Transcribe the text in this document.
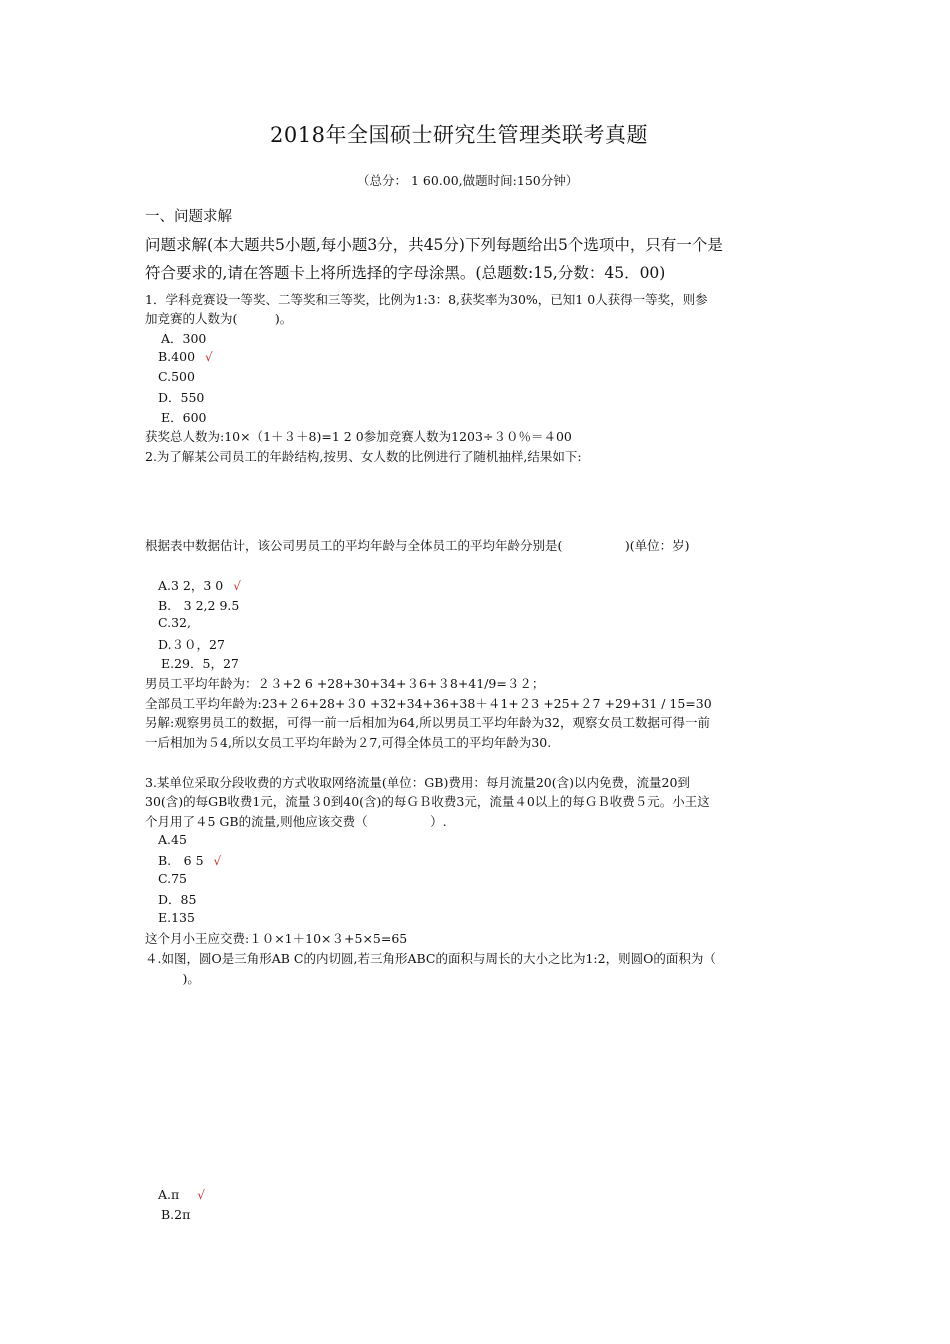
2018年全国硕士研究生管理类联考真题
（总分： 1 60.00,做题时间:150分钟）
一、问题求解
问题求解(本大题共5小题,每小题3分，共45分)下列每题给出5个选项中，只有一个是
符合要求的,请在答题卡上将所选择的字母涂黑。(总题数:15,分数：45．00)
1．学科竞赛设一等奖、二等奖和三等奖，比例为1:3：8,获奖率为30%，已知1 0人获得一等奖，则参
加竞赛的人数为(　　　)。
A．300
B.400 √
C.500
D．550
E．600
获奖总人数为:10×（1＋３＋8)=1 2 0参加竞赛人数为1203÷３０％＝４00
2.为了解某公司员工的年龄结构,按男、女人数的比例进行了随机抽样,结果如下:
根据表中数据估计，该公司男员工的平均年龄与全体员工的平均年龄分别是(　　　　　)(单位：岁)
A.3 2，3 0 √
B.　3 2,2 9.5
C.32,
D.３０，27
E.29．5，27
男员工平均年龄为：２３+2 6 +28+30+34+３6+３8+41/9=３２；
全部员工平均年龄为:23+２6+28+３0 +32+34+36+38＋４1+２3 +25+２7 +29+31 / 15=30
另解:观察男员工的数据，可得一前一后相加为64,所以男员工平均年龄为32，观察女员工数据可得一前
一后相加为５4,所以女员工平均年龄为２7,可得全体员工的平均年龄为30.
3.某单位采取分段收费的方式收取网络流量(单位：GB)费用：每月流量20(含)以内免费，流量20到
30(含)的每GB收费1元，流量３0到40(含)的每ＧＢ收费3元，流量４0以上的每ＧＢ收费５元。小王这
个月用了４5 GB的流量,则他应该交费（　　　　　）.
A.45
B.　6 5 √
C.75
D．85
E.135
这个月小王应交费:１０×1＋10×３+5×5=65
４.如图，圆O是三角形AB C的内切圆,若三角形ABC的面积与周长的大小之比为1:2，则圆O的面积为（
　　　)。
A.π √
B.2π
